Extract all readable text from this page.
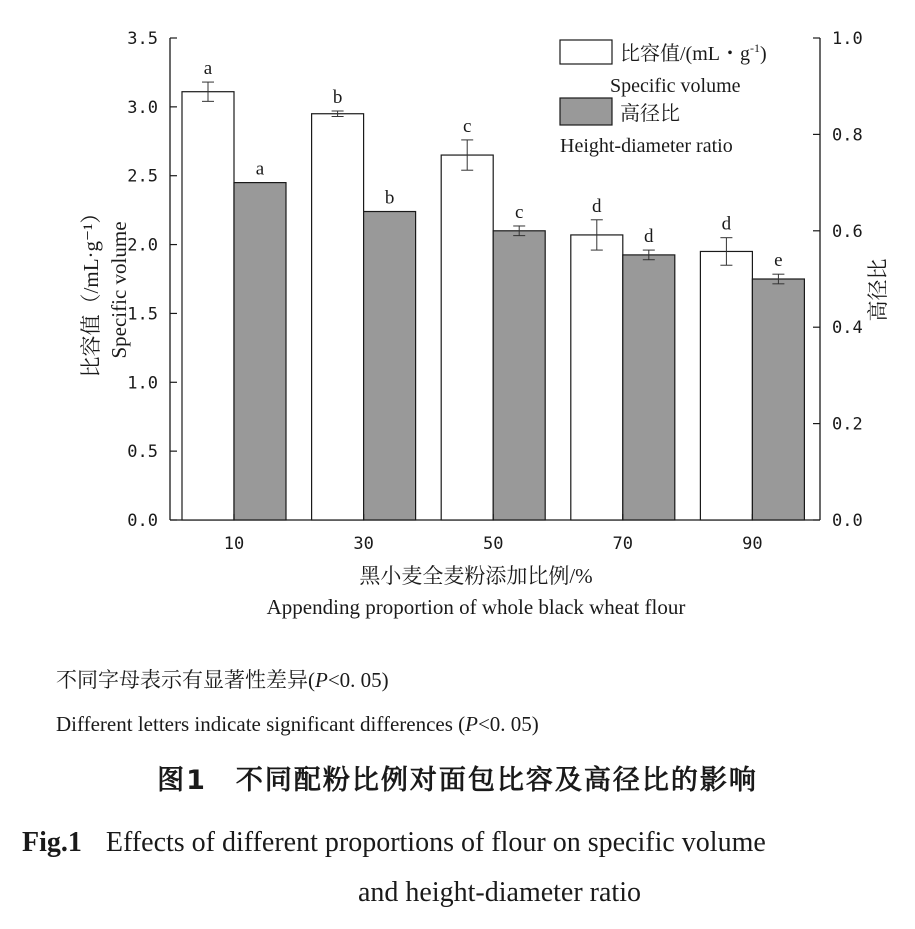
a
a
b
b
c
c	d
d
d
e
0.0
0.5
1.0
1.5
2.0
2.5
3.0
3.5
0.0
0.2
0.4
0.6
0.8
1.0
10	30	50	70	90
比容值（/mL·g⁻¹） Specific volume	高径比
黑小麦全麦粉添加比例/%
Appending proportion of whole black wheat flour
比容值/(mL・$g^{-1}$)
Specific volume
高径比
Height-diameter ratio
不同字母表示有显著性差异(P<0. 05)
Different letters indicate significant differences (P<0. 05)
图1　不同配粉比例对面包比容及高径比的影响
Fig.1 Effects of different proportions of flour on specific volume
and height-diameter ratio
